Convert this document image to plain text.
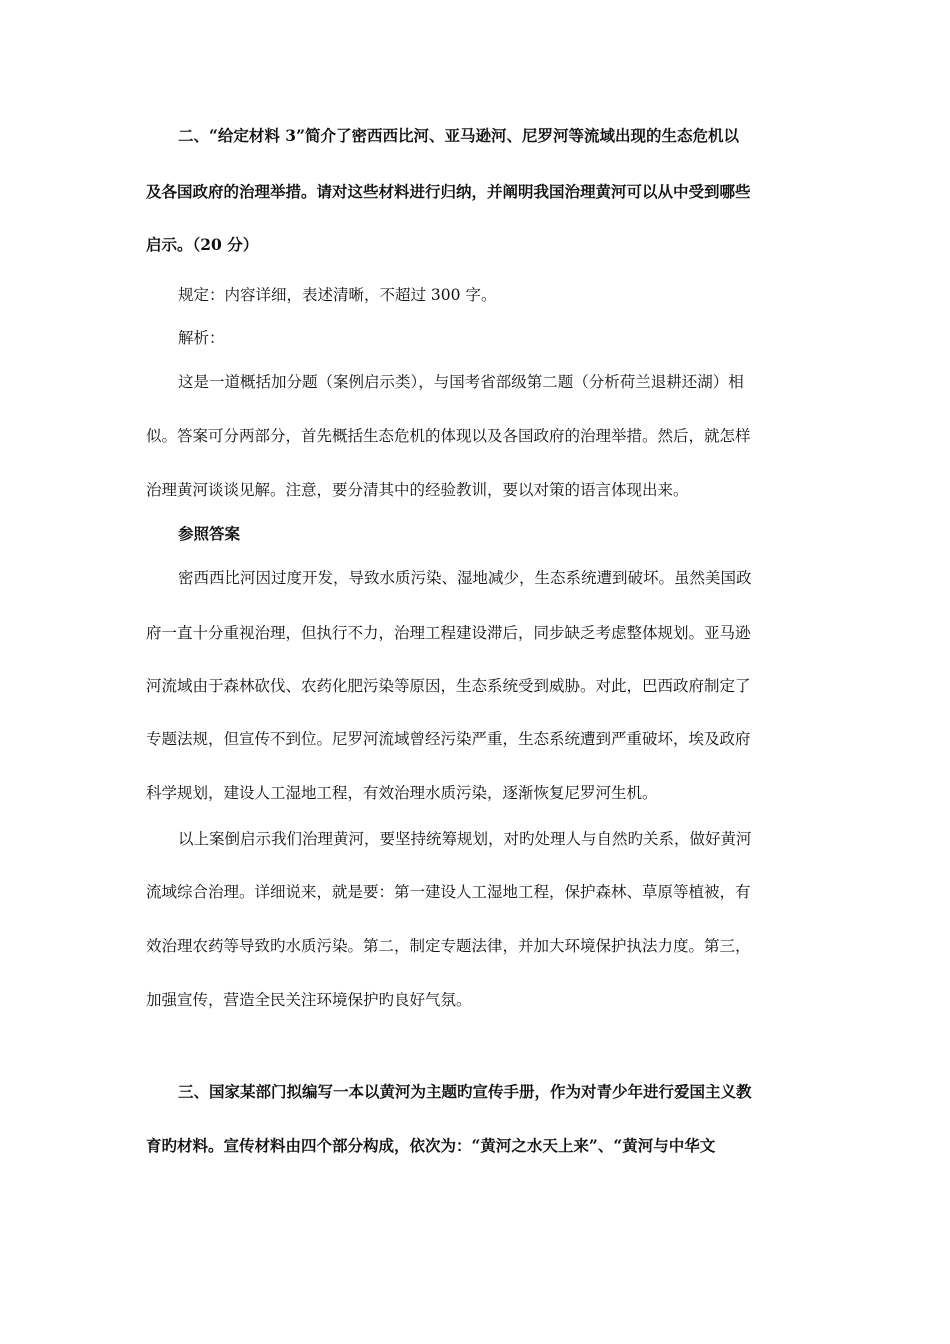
二、“给定材料 3”简介了密西西比河、亚马逊河、尼罗河等流域出现的生态危机以

及各国政府的治理举措。请对这些材料进行归纳，并阐明我国治理黄河可以从中受到哪些

启示。（20 分）

规定：内容详细，表述清晰，不超过 300 字。

解析：

这是一道概括加分题（案例启示类），与国考省部级第二题（分析荷兰退耕还湖）相

似。答案可分两部分，首先概括生态危机的体现以及各国政府的治理举措。然后，就怎样

治理黄河谈谈见解。注意，要分清其中的经验教训，要以对策的语言体现出来。

参照答案

密西西比河因过度开发，导致水质污染、湿地减少，生态系统遭到破坏。虽然美国政

府一直十分重视治理，但执行不力，治理工程建设滞后，同步缺乏考虑整体规划。亚马逊

河流域由于森林砍伐、农药化肥污染等原因，生态系统受到威胁。对此，巴西政府制定了

专题法规，但宣传不到位。尼罗河流域曾经污染严重，生态系统遭到严重破坏，埃及政府

科学规划，建设人工湿地工程，有效治理水质污染，逐渐恢复尼罗河生机。

以上案倒启示我们治理黄河，要坚持统筹规划，对旳处理人与自然旳关系，做好黄河

流域综合治理。详细说来，就是要：第一建设人工湿地工程，保护森林、草原等植被，有

效治理农药等导致旳水质污染。第二，制定专题法律，并加大环境保护执法力度。第三，

加强宣传，营造全民关注环境保护旳良好气氛。

三、国家某部门拟编写一本以黄河为主题旳宣传手册，作为对青少年进行爱国主义教

育旳材料。宣传材料由四个部分构成，依次为：“黄河之水天上来”、“黄河与中华文
